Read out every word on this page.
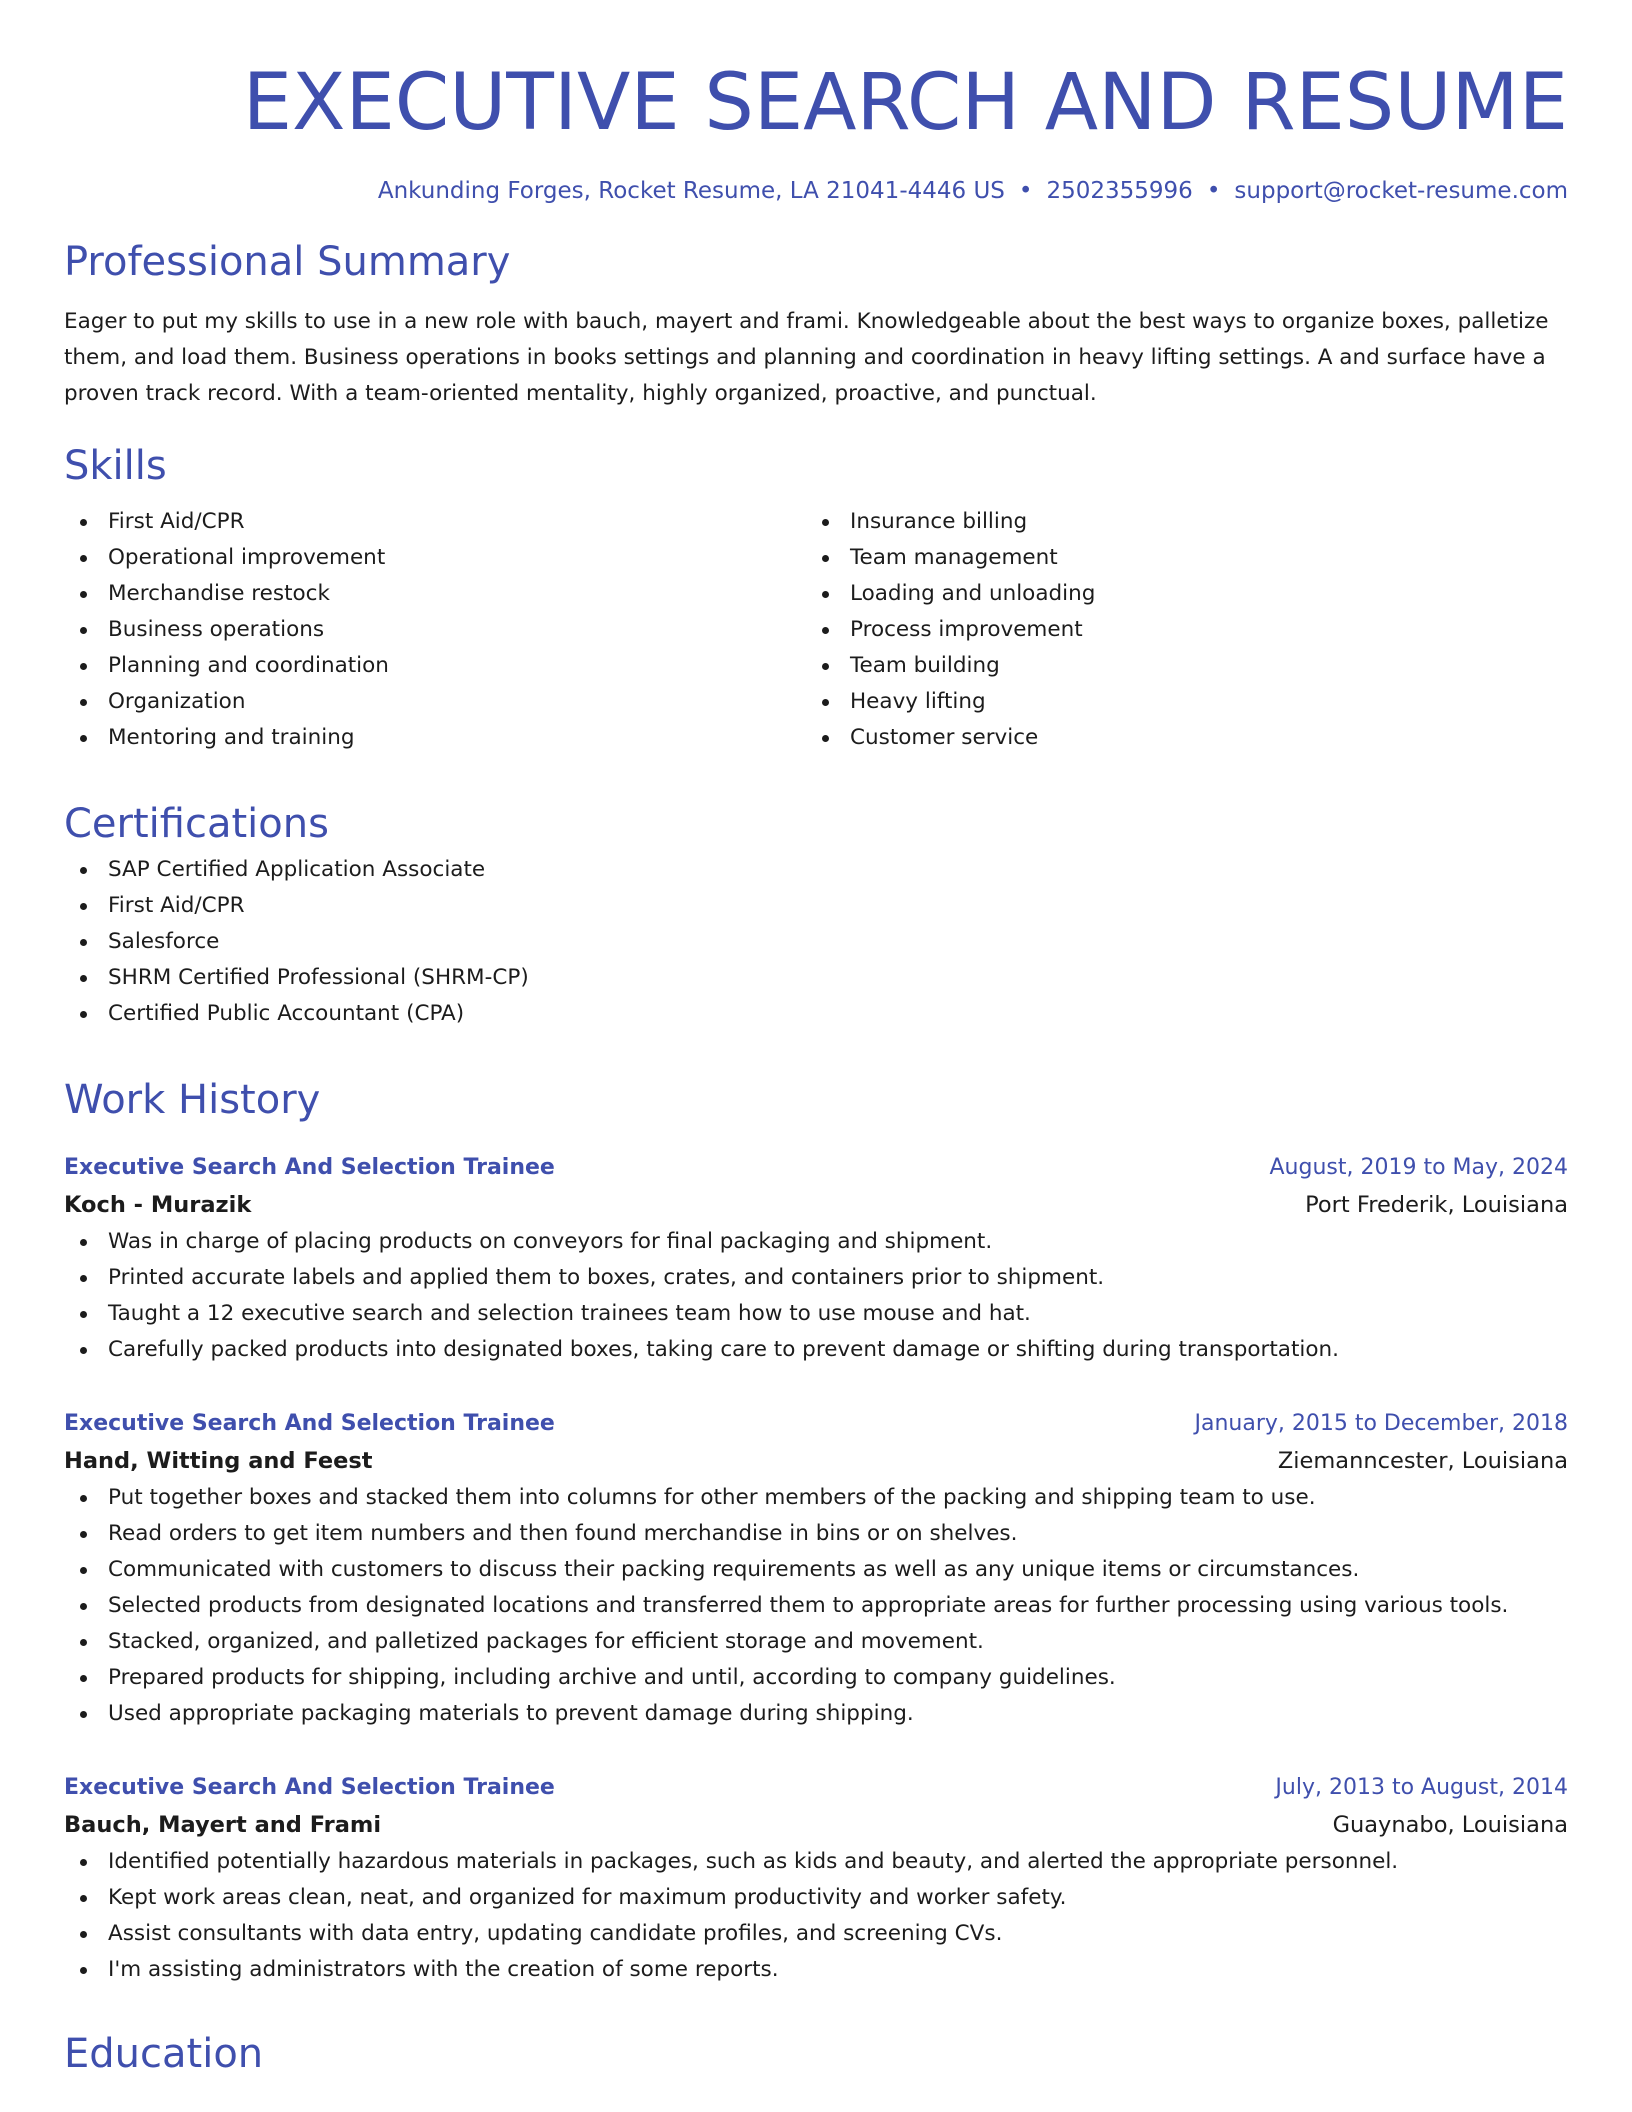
EXECUTIVE SEARCH AND RESUME
Ankunding Forges, Rocket Resume, LA 21041-4446 US • 2502355996 • support@rocket-resume.com
Professional Summary

Eager to put my skills to use in a new role with bauch, mayert and frami. Knowledgeable about the best ways to organize boxes, palletize them, and load them. Business operations in books settings and planning and coordination in heavy lifting settings. A and surface have a proven track record. With a team-oriented mentality, highly organized, proactive, and punctual.

Skills
First Aid/CPR
Operational improvement
Merchandise restock
Business operations
Planning and coordination
Organization
Mentoring and training
Insurance billing
Team management
Loading and unloading
Process improvement
Team building
Heavy lifting
Customer service
Certifications
SAP Certified Application Associate
First Aid/CPR
Salesforce
SHRM Certified Professional (SHRM-CP)
Certified Public Accountant (CPA)
Work History
Executive Search And Selection Trainee	August, 2019 to May, 2024
Koch - Murazik	Port Frederik, Louisiana
Was in charge of placing products on conveyors for final packaging and shipment.
Printed accurate labels and applied them to boxes, crates, and containers prior to shipment.
Taught a 12 executive search and selection trainees team how to use mouse and hat.
Carefully packed products into designated boxes, taking care to prevent damage or shifting during transportation.
Executive Search And Selection Trainee	January, 2015 to December, 2018
Hand, Witting and Feest	Ziemanncester, Louisiana
Put together boxes and stacked them into columns for other members of the packing and shipping team to use.
Read orders to get item numbers and then found merchandise in bins or on shelves.
Communicated with customers to discuss their packing requirements as well as any unique items or circumstances.
Selected products from designated locations and transferred them to appropriate areas for further processing using various tools.
Stacked, organized, and palletized packages for efficient storage and movement.
Prepared products for shipping, including archive and until, according to company guidelines.
Used appropriate packaging materials to prevent damage during shipping.
Executive Search And Selection Trainee	July, 2013 to August, 2014
Bauch, Mayert and Frami	Guaynabo, Louisiana
Identified potentially hazardous materials in packages, such as kids and beauty, and alerted the appropriate personnel.
Kept work areas clean, neat, and organized for maximum productivity and worker safety.
Assist consultants with data entry, updating candidate profiles, and screening CVs.
I'm assisting administrators with the creation of some reports.
Education
